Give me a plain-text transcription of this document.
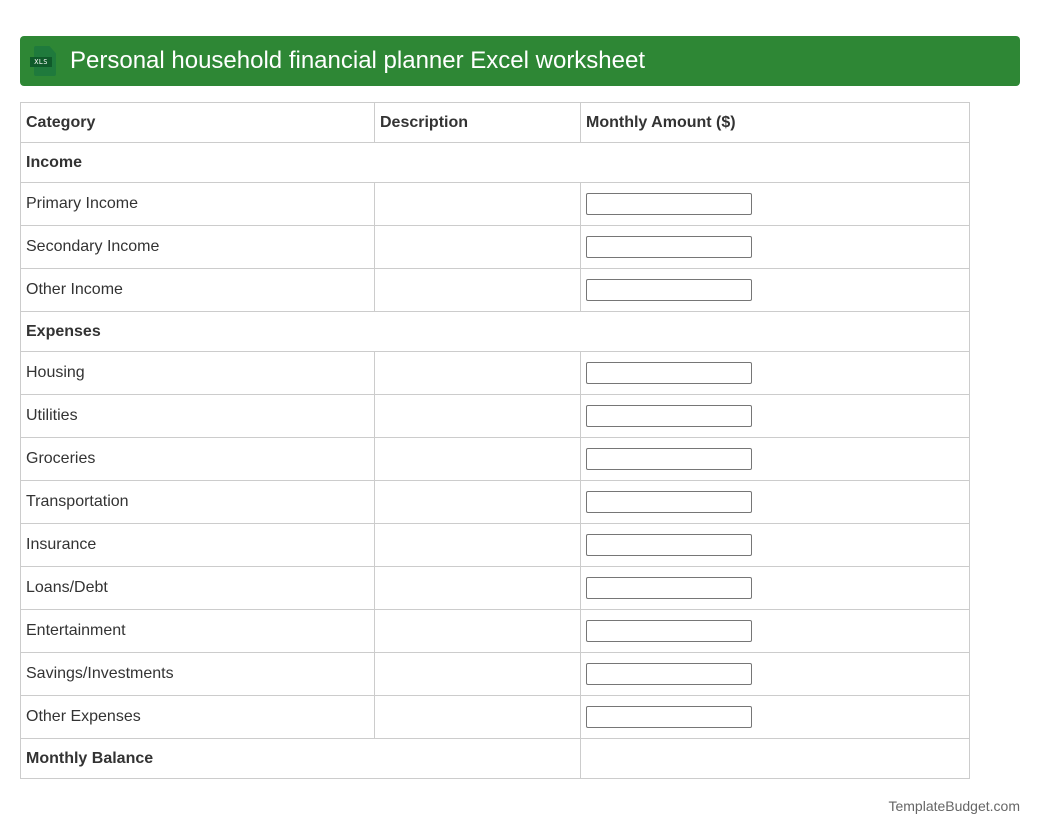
XLS Personal household financial planner Excel worksheet
Category	Description	Monthly Amount ($)
Income		
Primary Income		

Secondary Income		

Other Income		

Expenses		
Housing		

Utilities		

Groceries		

Transportation		

Insurance		

Loans/Debt		

Entertainment		

Savings/Investments		

Other Expenses		

Monthly Balance		
TemplateBudget.com
